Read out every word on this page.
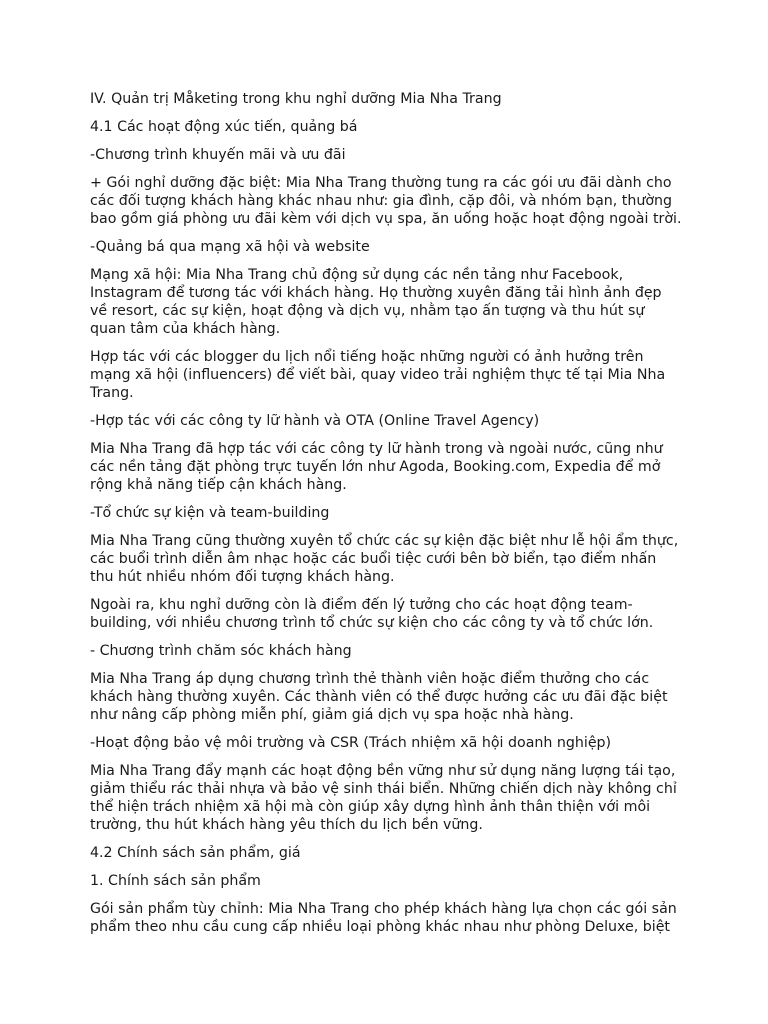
IV. Quản trị Måketing trong khu nghỉ dưỡng Mia Nha Trang

4.1 Các hoạt động xúc tiến, quảng bá

-Chương trình khuyến mãi và ưu đãi

+ Gói nghỉ dưỡng đặc biệt: Mia Nha Trang thường tung ra các gói ưu đãi dành cho các đối tượng khách hàng khác nhau như: gia đình, cặp đôi, và nhóm bạn, thường bao gồm giá phòng ưu đãi kèm với dịch vụ spa, ăn uống hoặc hoạt động ngoài trời.

-Quảng bá qua mạng xã hội và website

Mạng xã hội: Mia Nha Trang chủ động sử dụng các nền tảng như Facebook, Instagram để tương tác với khách hàng. Họ thường xuyên đăng tải hình ảnh đẹp về resort, các sự kiện, hoạt động và dịch vụ, nhằm tạo ấn tượng và thu hút sự quan tâm của khách hàng.

Hợp tác với các blogger du lịch nổi tiếng hoặc những người có ảnh hưởng trên mạng xã hội (influencers) để viết bài, quay video trải nghiệm thực tế tại Mia Nha Trang.

-Hợp tác với các công ty lữ hành và OTA (Online Travel Agency)

Mia Nha Trang đã hợp tác với các công ty lữ hành trong và ngoài nước, cũng như các nền tảng đặt phòng trực tuyến lớn như Agoda, Booking.com, Expedia để mở rộng khả năng tiếp cận khách hàng.

-Tổ chức sự kiện và team-building

Mia Nha Trang cũng thường xuyên tổ chức các sự kiện đặc biệt như lễ hội ẩm thực, các buổi trình diễn âm nhạc hoặc các buổi tiệc cưới bên bờ biển, tạo điểm nhấn thu hút nhiều nhóm đối tượng khách hàng.

Ngoài ra, khu nghỉ dưỡng còn là điểm đến lý tưởng cho các hoạt động team-building, với nhiều chương trình tổ chức sự kiện cho các công ty và tổ chức lớn.

- Chương trình chăm sóc khách hàng

Mia Nha Trang áp dụng chương trình thẻ thành viên hoặc điểm thưởng cho các khách hàng thường xuyên. Các thành viên có thể được hưởng các ưu đãi đặc biệt như nâng cấp phòng miễn phí, giảm giá dịch vụ spa hoặc nhà hàng.

-Hoạt động bảo vệ môi trường và CSR (Trách nhiệm xã hội doanh nghiệp)

Mia Nha Trang đẩy mạnh các hoạt động bền vững như sử dụng năng lượng tái tạo, giảm thiểu rác thải nhựa và bảo vệ sinh thái biển. Những chiến dịch này không chỉ thể hiện trách nhiệm xã hội mà còn giúp xây dựng hình ảnh thân thiện với môi trường, thu hút khách hàng yêu thích du lịch bền vững.

4.2 Chính sách sản phẩm, giá

1. Chính sách sản phẩm

Gói sản phẩm tùy chỉnh: Mia Nha Trang cho phép khách hàng lựa chọn các gói sản phẩm theo nhu cầu cung cấp nhiều loại phòng khác nhau như phòng Deluxe, biệt
